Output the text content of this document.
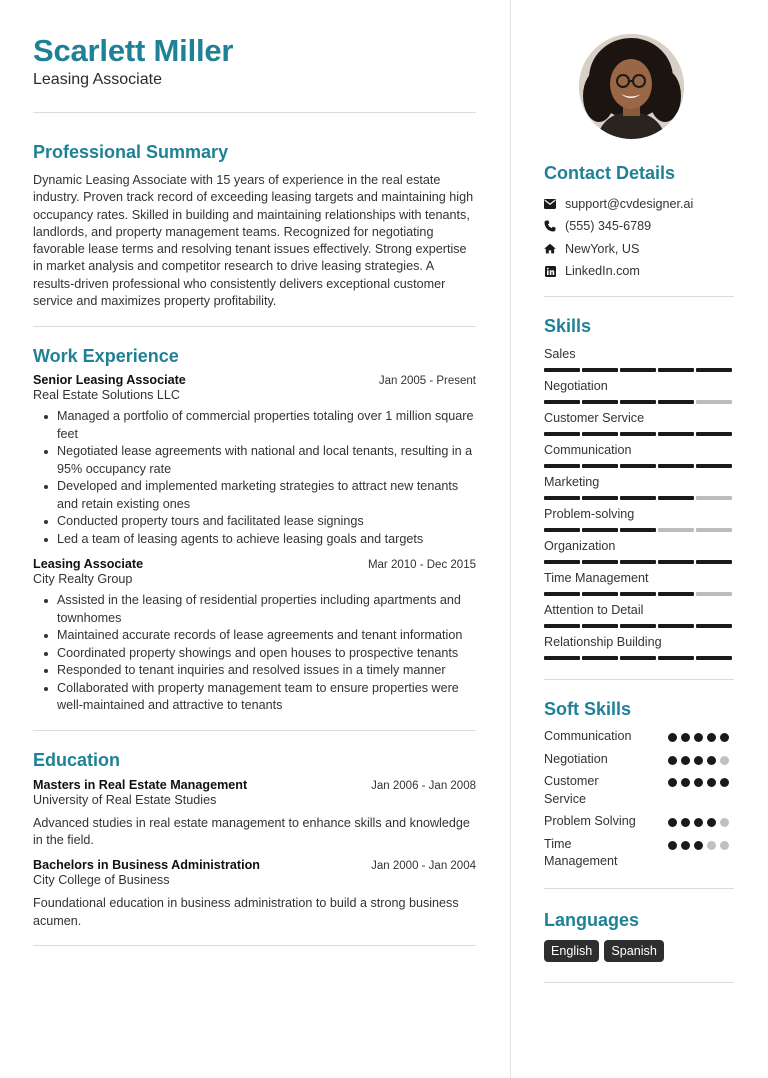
Scarlett Miller
Leasing Associate
Professional Summary
Dynamic Leasing Associate with 15 years of experience in the real estate industry. Proven track record of exceeding leasing targets and maintaining high occupancy rates. Skilled in building and maintaining relationships with tenants, landlords, and property management teams. Recognized for negotiating favorable lease terms and resolving tenant issues effectively. Strong expertise in market analysis and competitor research to drive leasing strategies. A results-driven professional who consistently delivers exceptional customer service and maximizes property profitability.
Work Experience
Senior Leasing Associate	Jan 2005 - Present
Real Estate Solutions LLC
Managed a portfolio of commercial properties totaling over 1 million square feet
Negotiated lease agreements with national and local tenants, resulting in a 95% occupancy rate
Developed and implemented marketing strategies to attract new tenants and retain existing ones
Conducted property tours and facilitated lease signings
Led a team of leasing agents to achieve leasing goals and targets
Leasing Associate	Mar 2010 - Dec 2015
City Realty Group
Assisted in the leasing of residential properties including apartments and townhomes
Maintained accurate records of lease agreements and tenant information
Coordinated property showings and open houses to prospective tenants
Responded to tenant inquiries and resolved issues in a timely manner
Collaborated with property management team to ensure properties were well-maintained and attractive to tenants
Education
Masters in Real Estate Management	Jan 2006 - Jan 2008
University of Real Estate Studies
Advanced studies in real estate management to enhance skills and knowledge in the field.
Bachelors in Business Administration	Jan 2000 - Jan 2004
City College of Business
Foundational education in business administration to build a strong business acumen.
Contact Details
support@cvdesigner.ai
(555) 345-6789
NewYork, US
LinkedIn.com
Skills
Sales
Negotiation
Customer Service
Communication
Marketing
Problem-solving
Organization
Time Management
Attention to Detail
Relationship Building
Soft Skills
Communication
Negotiation
Customer Service
Problem Solving
Time Management
Languages
English	Spanish
